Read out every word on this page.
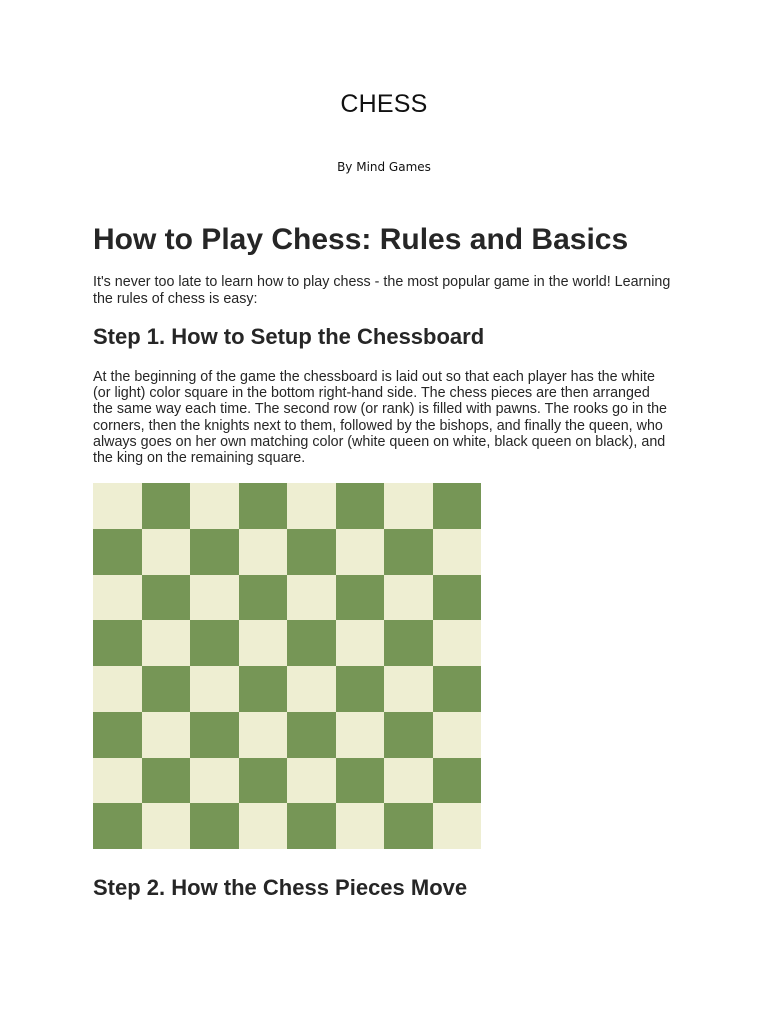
CHESS
By Mind Games
How to Play Chess: Rules and Basics

It's never too late to learn how to play chess - the most popular game in the world! Learning the rules of chess is easy:

Step 1. How to Setup the Chessboard

At the beginning of the game the chessboard is laid out so that each player has the white (or light) color square in the bottom right-hand side. The chess pieces are then arranged the same way each time. The second row (or rank) is filled with pawns. The rooks go in the corners, then the knights next to them, followed by the bishops, and finally the queen, who always goes on her own matching color (white queen on white, black queen on black), and the king on the remaining square.

Step 2. How the Chess Pieces Move
